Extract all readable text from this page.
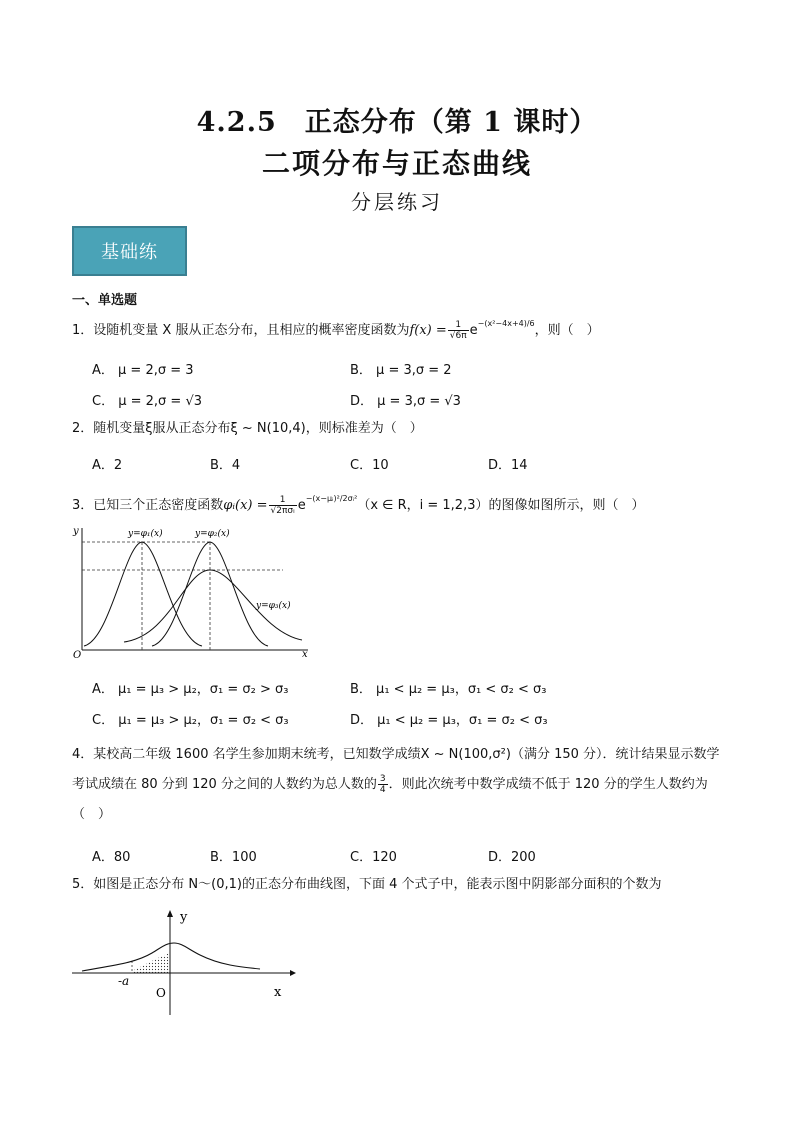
4.2.5　正态分布（第 1 课时）
二项分布与正态曲线
分层练习
基础练
一、单选题
1．设随机变量 X 服从正态分布，且相应的概率密度函数为$f(x) = \frac{1}{√6\pi} e^{-(x^2-4x+4)/6}$，则（　）
A． μ = 2,σ = 3	B． μ = 3,σ = 2
C． μ = 2,σ = √3	D． μ = 3,σ = √3
2．随机变量ξ服从正态分布ξ ~ N(10,4)，则标准差为（　）
A．2	B．4	C．10	D．14
3．已知三个正态密度函数φᵢ(x) = $\frac{1}{\text{√2πσᵢ}} e^{-(x-\mu ᵢ)^2/2\sigma ᵢ^2}(x$ ∈ R，i = 1,2,3）的图像如图所示，则（　）
y
x
O
y=φ₁(x)	y=φ₂(x)
y=φ₃(x)
A． μ₁ = μ₃ > μ₂，σ₁ = σ₂ > σ₃	B． μ₁ < μ₂ = μ₃，σ₁ < σ₂ < σ₃
C． μ₁ = μ₃ > μ₂，σ₁ = σ₂ < σ₃	D． μ₁ < μ₂ = μ₃，σ₁ = σ₂ < σ₃
4．某校高二年级 1600 名学生参加期末统考，已知数学成绩X ~ N(100,σ²)（满分 150 分）．统计结果显示数学考试成绩在 80 分到 120 分之间的人数约为总人数的 $\frac{3}{4}$ ．则此次统考中数学成绩不低于 120 分的学生人数约为（　）
A．80	B．100	C．120	D．200
5．如图是正态分布 N～(0,1)的正态分布曲线图，下面 4 个式子中，能表示图中阴影部分面积的个数为
y
x
O
-a
